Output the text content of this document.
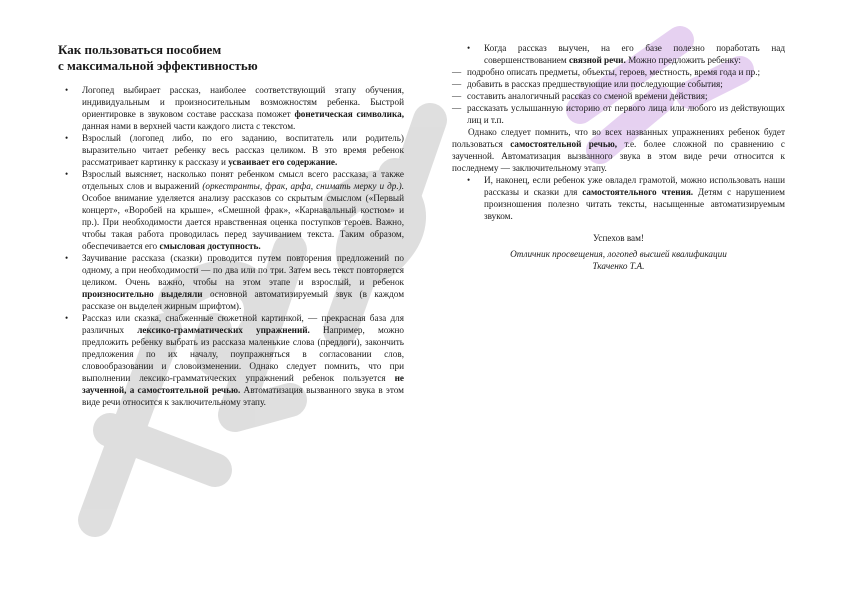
Как пользоваться пособием
с максимальной эффективностью
• Логопед выбирает рассказ, наиболее соответствующий этапу обучения, индивидуальным и произносительным возможностям ребенка. Быстрой ориентировке в звуковом составе рассказа поможет фонетическая символика, данная нами в верхней части каждого листа с текстом.
• Взрослый (логопед либо, по его заданию, воспитатель или родитель) выразительно читает ребенку весь рассказ целиком. В это время ребенок рассматривает картинку к рассказу и усваивает его содержание.
• Взрослый выясняет, насколько понят ребенком смысл всего рассказа, а также отдельных слов и выражений (оркестранты, фрак, арфа, снимать мерку и др.). Особое внимание уделяется анализу рассказов со скрытым смыслом («Первый концерт», «Воробей на крыше», «Смешной фрак», «Карнавальный костюм» и пр.). При необходимости дается нравственная оценка поступков героев. Важно, чтобы такая работа проводилась перед заучиванием текста. Таким образом, обеспечивается его смысловая доступность.
• Заучивание рассказа (сказки) проводится путем повторения предложений по одному, а при необходимости — по два или по три. Затем весь текст повторяется целиком. Очень важно, чтобы на этом этапе и взрослый, и ребенок произносительно выделяли основной автоматизируемый звук (в каждом рассказе он выделен жирным шрифтом).
• Рассказ или сказка, снабженные сюжетной картинкой, — прекрасная база для различных лексико-грамматических упражнений. Например, можно предложить ребенку выбрать из рассказа маленькие слова (предлоги), закончить предложения по их началу, поупражняться в согласовании слов, словообразовании и словоизменении. Однако следует помнить, что при выполнении лексико-грамматических упражнений ребенок пользуется не заученной, а самостоятельной речью. Автоматизация вызванного звука в этом виде речи относится к заключительному этапу.
• Когда рассказ выучен, на его базе полезно поработать над совершенствованием связной речи. Можно предложить ребенку:
— подробно описать предметы, объекты, героев, местность, время года и пр.;
— добавить в рассказ предшествующие или последующие события;
— составить аналогичный рассказ со сменой времени действия;
— рассказать услышанную историю от первого лица или любого из действующих лиц и т.п.

Однако следует помнить, что во всех названных упражнениях ребенок будет пользоваться самостоятельной речью, т.е. более сложной по сравнению с заученной. Автоматизация вызванного звука в этом виде речи относится к последнему — заключительному этапу.

• И, наконец, если ребенок уже овладел грамотой, можно использовать наши рассказы и сказки для самостоятельного чтения. Детям с нарушением произношения полезно читать тексты, насыщенные автоматизируемым звуком.

Успехов вам!

Отличник просвещения, логопед высшей квалификации

Ткаченко Т.А.
